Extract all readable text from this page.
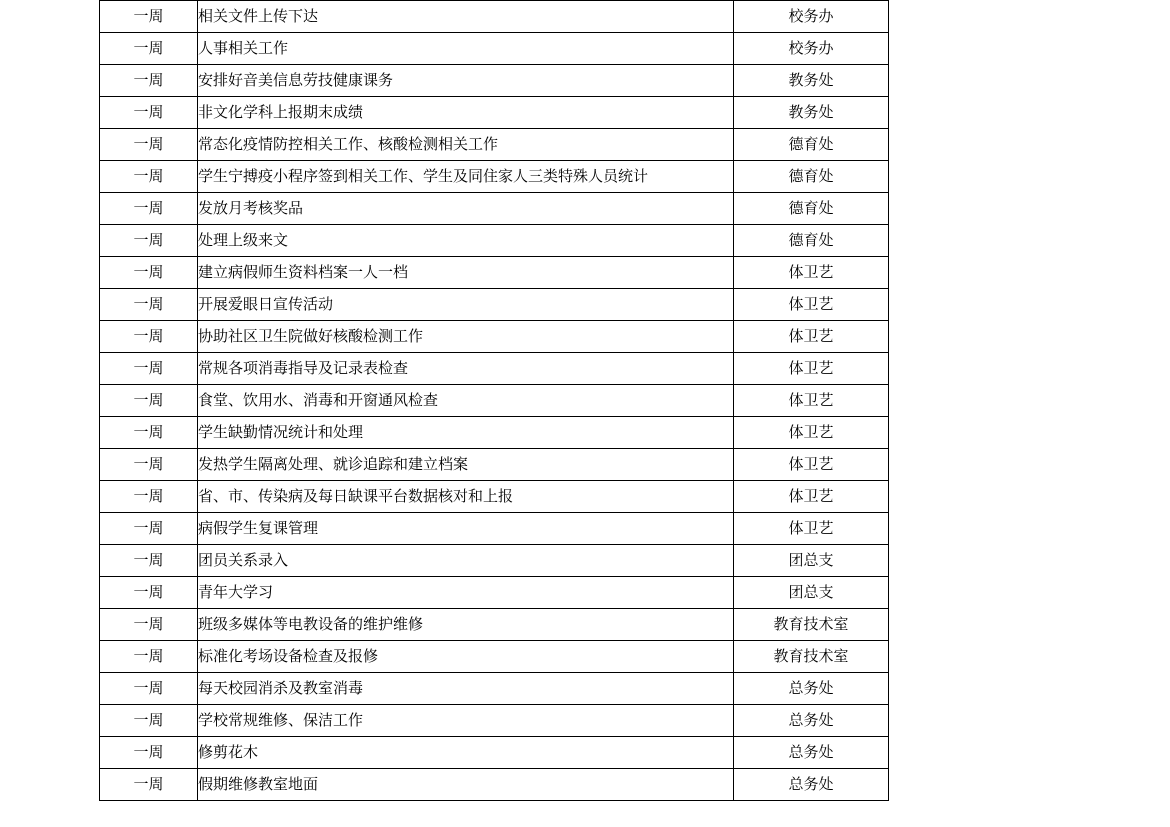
一周	相关文件上传下达	校务办
一周	人事相关工作	校务办
一周	安排好音美信息劳技健康课务	教务处
一周	非文化学科上报期末成绩	教务处
一周	常态化疫情防控相关工作、核酸检测相关工作	德育处
一周	学生宁搏疫小程序签到相关工作、学生及同住家人三类特殊人员统计	德育处
一周	发放月考核奖品	德育处
一周	处理上级来文	德育处
一周	建立病假师生资料档案一人一档	体卫艺
一周	开展爱眼日宣传活动	体卫艺
一周	协助社区卫生院做好核酸检测工作	体卫艺
一周	常规各项消毒指导及记录表检查	体卫艺
一周	食堂、饮用水、消毒和开窗通风检查	体卫艺
一周	学生缺勤情况统计和处理	体卫艺
一周	发热学生隔离处理、就诊追踪和建立档案	体卫艺
一周	省、市、传染病及每日缺课平台数据核对和上报	体卫艺
一周	病假学生复课管理	体卫艺
一周	团员关系录入	团总支
一周	青年大学习	团总支
一周	班级多媒体等电教设备的维护维修	教育技术室
一周	标准化考场设备检查及报修	教育技术室
一周	每天校园消杀及教室消毒	总务处
一周	学校常规维修、保洁工作	总务处
一周	修剪花木	总务处
一周	假期维修教室地面	总务处
